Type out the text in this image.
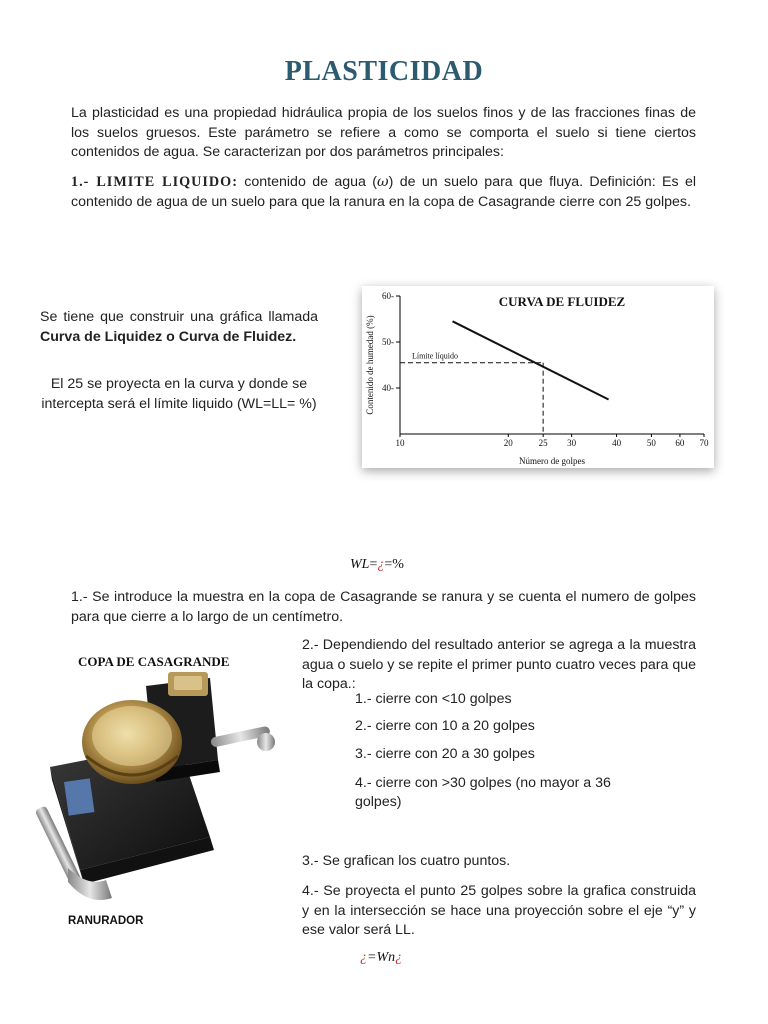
PLASTICIDAD
La plasticidad es una propiedad hidráulica propia de los suelos finos y de las fracciones finas de los suelos gruesos. Este parámetro se refiere a como se comporta el suelo si tiene ciertos contenidos de agua. Se caracterizan por dos parámetros principales:
1.- LIMITE LIQUIDO: contenido de agua (ω) de un suelo para que fluya. Definición: Es el contenido de agua de un suelo para que la ranura en la copa de Casagrande cierre con 25 golpes.
Se tiene que construir una gráfica llamada Curva de Liquidez o Curva de Fluidez.
El 25 se proyecta en la curva y donde se intercepta será el límite liquido (WL=LL= %)
40-
50-
60-
10	20	25 30	40	50 60 70
Límite líquido
CURVA DE FLUIDEZ
Número de golpes
Contenido de humedad (%)
WL=¿=%
1.- Se introduce la muestra en la copa de Casagrande se ranura y se cuenta el numero de golpes para que cierre a lo largo de un centímetro.
COPA DE CASAGRANDE
RANURADOR
2.- Dependiendo del resultado anterior se agrega a la muestra agua o suelo y se repite el primer punto cuatro veces para que la copa.:
1.- cierre con <10 golpes
2.- cierre con 10 a 20 golpes
3.- cierre con 20 a 30 golpes
4.- cierre con >30 golpes (no mayor a 36 golpes)
3.- Se grafican los cuatro puntos.
4.- Se proyecta el punto 25 golpes sobre la grafica construida y en la intersección se hace una proyección sobre el eje “y” y ese valor será LL.
¿=Wn¿
